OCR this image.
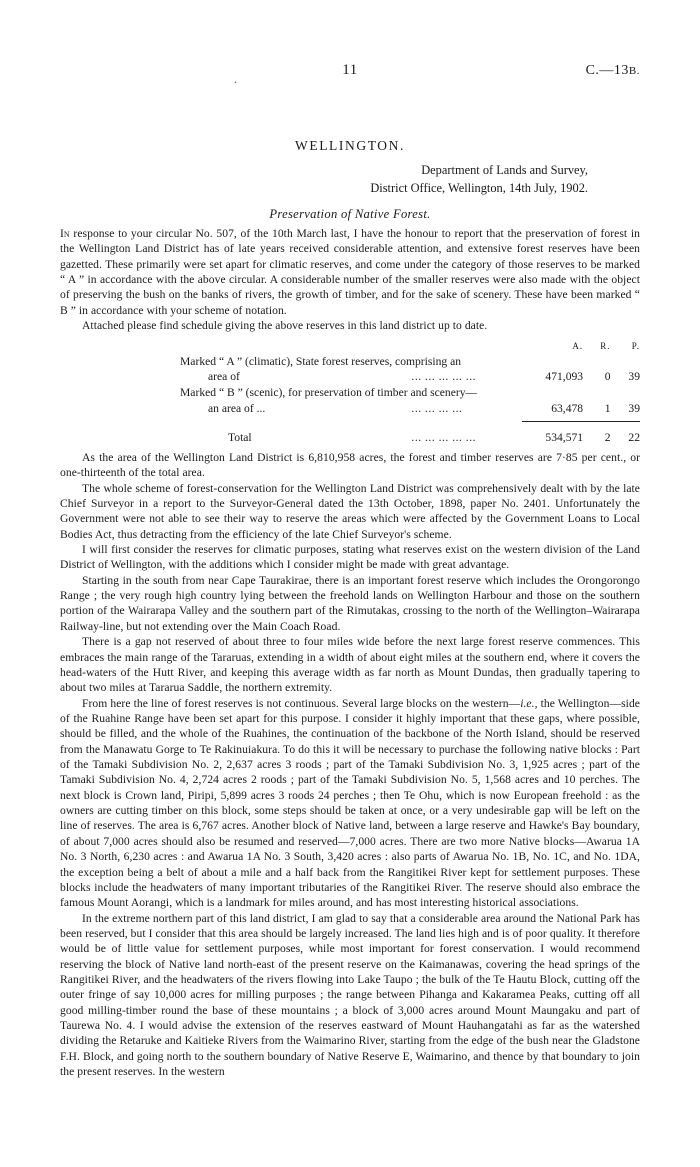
.
11	C.—13B.
WELLINGTON.
Department of Lands and Survey,
District Office, Wellington, 14th July, 1902.
Preservation of Native Forest.

In response to your circular No. 507, of the 10th March last, I have the honour to report that the preservation of forest in the Wellington Land District has of late years received considerable attention, and extensive forest reserves have been gazetted. These primarily were set apart for climatic reserves, and come under the category of those reserves to be marked “ A ” in accordance with the above circular. A considerable number of the smaller reserves were also made with the object of preserving the bush on the banks of rivers, the growth of timber, and for the sake of scenery. These have been marked “ B ” in accordance with your scheme of notation.

Attached please find schedule giving the above reserves in this land district up to date.

		A.	R.	P.
Marked “ A ” (climatic), State forest reserves, comprising an				
area of	... ... ... ... ...	471,093	0	39
Marked “ B ” (scenic), for preservation of timber and scenery—				
an area of ...	... ... ... ...	63,478	1	39

Total	... ... ... ... ...	534,571	2	22

As the area of the Wellington Land District is 6,810,958 acres, the forest and timber reserves are 7·85 per cent., or one-thirteenth of the total area.

The whole scheme of forest-conservation for the Wellington Land District was comprehensively dealt with by the late Chief Surveyor in a report to the Surveyor-General dated the 13th October, 1898, paper No. 2401. Unfortunately the Government were not able to see their way to reserve the areas which were affected by the Government Loans to Local Bodies Act, thus detracting from the efficiency of the late Chief Surveyor's scheme.

I will first consider the reserves for climatic purposes, stating what reserves exist on the western division of the Land District of Wellington, with the additions which I consider might be made with great advantage.

Starting in the south from near Cape Taurakirae, there is an important forest reserve which includes the Orongorongo Range ; the very rough high country lying between the freehold lands on Wellington Harbour and those on the southern portion of the Wairarapa Valley and the southern part of the Rimutakas, crossing to the north of the Wellington–Wairarapa Railway-line, but not extending over the Main Coach Road.

There is a gap not reserved of about three to four miles wide before the next large forest reserve commences. This embraces the main range of the Tararuas, extending in a width of about eight miles at the southern end, where it covers the head-waters of the Hutt River, and keeping this average width as far north as Mount Dundas, then gradually tapering to about two miles at Tararua Saddle, the northern extremity.

From here the line of forest reserves is not continuous. Several large blocks on the western—i.e., the Wellington—side of the Ruahine Range have been set apart for this purpose. I consider it highly important that these gaps, where possible, should be filled, and the whole of the Ruahines, the continuation of the backbone of the North Island, should be reserved from the Manawatu Gorge to Te Rakinuiakura. To do this it will be necessary to purchase the following native blocks : Part of the Tamaki Subdivision No. 2, 2,637 acres 3 roods ; part of the Tamaki Subdivision No. 3, 1,925 acres ; part of the Tamaki Subdivision No. 4, 2,724 acres 2 roods ; part of the Tamaki Subdivision No. 5, 1,568 acres and 10 perches. The next block is Crown land, Piripi, 5,899 acres 3 roods 24 perches ; then Te Ohu, which is now European freehold : as the owners are cutting timber on this block, some steps should be taken at once, or a very undesirable gap will be left on the line of reserves. The area is 6,767 acres. Another block of Native land, between a large reserve and Hawke's Bay boundary, of about 7,000 acres should also be resumed and reserved—7,000 acres. There are two more Native blocks—Awarua 1A No. 3 North, 6,230 acres : and Awarua 1A No. 3 South, 3,420 acres : also parts of Awarua No. 1B, No. 1C, and No. 1DA, the exception being a belt of about a mile and a half back from the Rangitikei River kept for settlement purposes. These blocks include the headwaters of many important tributaries of the Rangitikei River. The reserve should also embrace the famous Mount Aorangi, which is a landmark for miles around, and has most interesting historical associations.

In the extreme northern part of this land district, I am glad to say that a considerable area around the National Park has been reserved, but I consider that this area should be largely increased. The land lies high and is of poor quality. It therefore would be of little value for settlement purposes, while most important for forest conservation. I would recommend reserving the block of Native land north-east of the present reserve on the Kaimanawas, covering the head springs of the Rangitikei River, and the headwaters of the rivers flowing into Lake Taupo ; the bulk of the Te Hautu Block, cutting off the outer fringe of say 10,000 acres for milling purposes ; the range between Pihanga and Kakaramea Peaks, cutting off all good milling-timber round the base of these mountains ; a block of 3,000 acres around Mount Maungaku and part of Taurewa No. 4. I would advise the extension of the reserves eastward of Mount Hauhangatahi as far as the watershed dividing the Retaruke and Kaitieke Rivers from the Waimarino River, starting from the edge of the bush near the Gladstone F.H. Block, and going north to the southern boundary of Native Reserve E, Waimarino, and thence by that boundary to join the present reserves. In the western
